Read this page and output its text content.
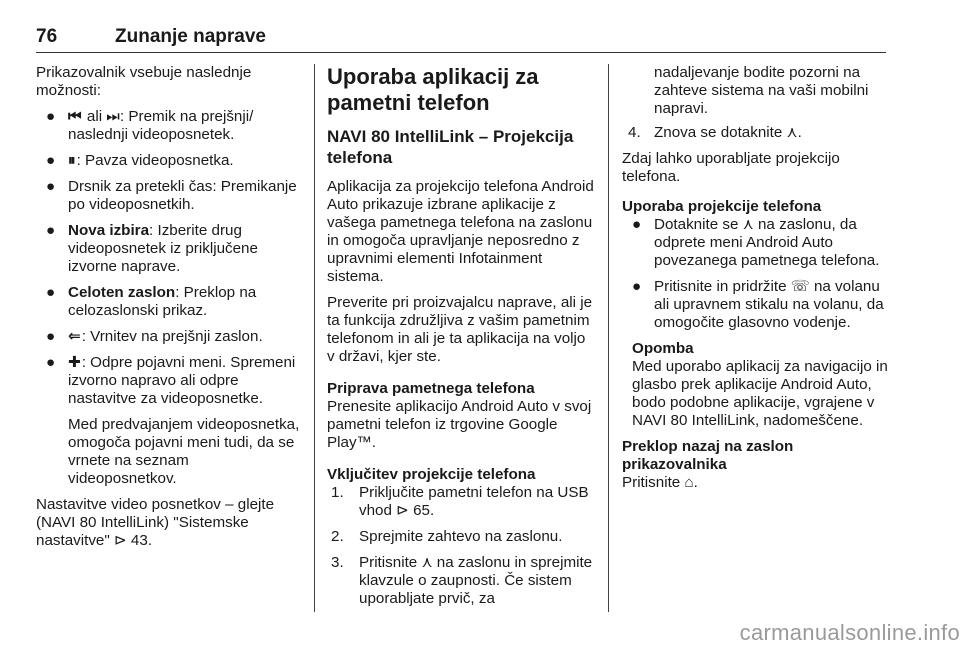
76	Zunanje naprave

Prikazovalnik vsebuje naslednje možnosti:

● ⏮ ali ⏭: Premik na prejšnji/ naslednji videoposnetek.
● ⏸: Pavza videoposnetka.
● Drsnik za pretekli čas: Premikanje po videoposnetkih.
● Nova izbira: Izberite drug videoposnetek iz priključene izvorne naprave.
● Celoten zaslon: Preklop na celozaslonski prikaz.
● ⇐: Vrnitev na prejšnji zaslon.
● ✚: Odpre pojavni meni. Spremeni izvorno napravo ali odpre nastavitve za videoposnetke.
Med predvajanjem videoposnetka, omogoča pojavni meni tudi, da se vrnete na seznam videoposnetkov.

Nastavitve video posnetkov – glejte (NAVI 80 IntelliLink) "Sistemske nastavitve" ⊳ 43.

Uporaba aplikacij za pametni telefon
NAVI 80 IntelliLink – Projekcija telefona

Aplikacija za projekcijo telefona Android Auto prikazuje izbrane aplikacije z vašega pametnega telefona na zaslonu in omogoča upravljanje neposredno z upravnimi elementi Infotainment sistema.

Preverite pri proizvajalcu naprave, ali je ta funkcija združljiva z vašim pametnim telefonom in ali je ta aplikacija na voljo v državi, kjer ste.

Priprava pametnega telefona

Prenesite aplikacijo Android Auto v svoj pametni telefon iz trgovine Google Play™.

Vključitev projekcije telefona

1. Priključite pametni telefon na USB vhod ⊳ 65.
2. Sprejmite zahtevo na zaslonu.
3. Pritisnite ⋏ na zaslonu in sprejmite klavzule o zaupnosti. Če sistem uporabljate prvič, za
nadaljevanje bodite pozorni na zahteve sistema na vaši mobilni napravi.
4. Znova se dotaknite ⋏.

Zdaj lahko uporabljate projekcijo telefona.

Uporaba projekcije telefona

● Dotaknite se ⋏ na zaslonu, da odprete meni Android Auto povezanega pametnega telefona.
● Pritisnite in pridržite ☏ na volanu ali upravnem stikalu na volanu, da omogočite glasovno vodenje.
Opomba
Med uporabo aplikacij za navigacijo in glasbo prek aplikacije Android Auto, bodo podobne aplikacije, vgrajene v NAVI 80 IntelliLink, nadomeščene.

Preklop nazaj na zaslon prikazovalnika

Pritisnite ⌂.

carmanualsonline.info
